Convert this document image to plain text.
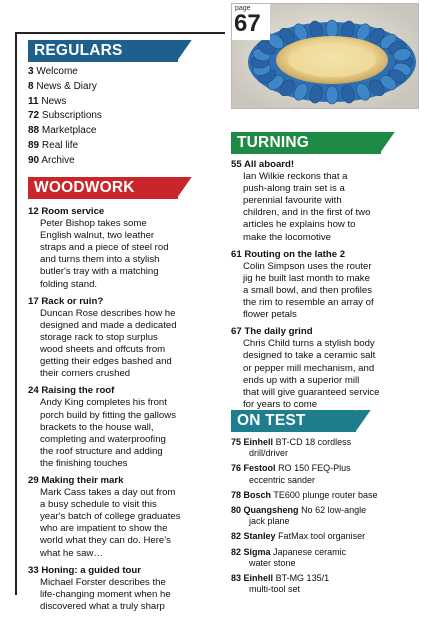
page
67
REGULARS
3 Welcome
8 News & Diary
11 News
72 Subscriptions
88 Marketplace
89 Real life
90 Archive
WOODWORK
12 Room service
Peter Bishop takes some
English walnut, two leather
straps and a piece of steel rod
and turns them into a stylish
butler's tray with a matching
folding stand.
17 Rack or ruin?
Duncan Rose describes how he
designed and made a dedicated
storage rack to stop surplus
wood sheets and offcuts from
getting their edges bashed and
their corners crushed
24 Raising the roof
Andy King completes his front
porch build by fitting the gallows
brackets to the house wall,
completing and waterproofing
the roof structure and adding
the finishing touches
29 Making their mark
Mark Cass takes a day out from
a busy schedule to visit this
year's batch of college graduates
who are impatient to show the
world what they can do. Here's
what he saw…
33 Honing: a guided tour
Michael Forster describes the
life-changing moment when he
discovered what a truly sharp
TURNING
55 All aboard!
Ian Wilkie reckons that a
push-along train set is a
perennial favourite with
children, and in the first of two
articles he explains how to
make the locomotive
61 Routing on the lathe 2
Colin Simpson uses the router
jig he built last month to make
a small bowl, and then profiles
the rim to resemble an array of
flower petals
67 The daily grind
Chris Child turns a stylish body
designed to take a ceramic salt
or pepper mill mechanism, and
ends up with a superior mill
that will give guaranteed service
for years to come
ON TEST
75 Einhell BT-CD 18 cordless
drill/driver
76 Festool RO 150 FEQ-Plus
eccentric sander
78 Bosch TE600 plunge router base
80 Quangsheng No 62 low-angle
jack plane
82 Stanley FatMax tool organiser
82 Sigma Japanese ceramic
water stone
83 Einhell BT-MG 135/1
multi-tool set
